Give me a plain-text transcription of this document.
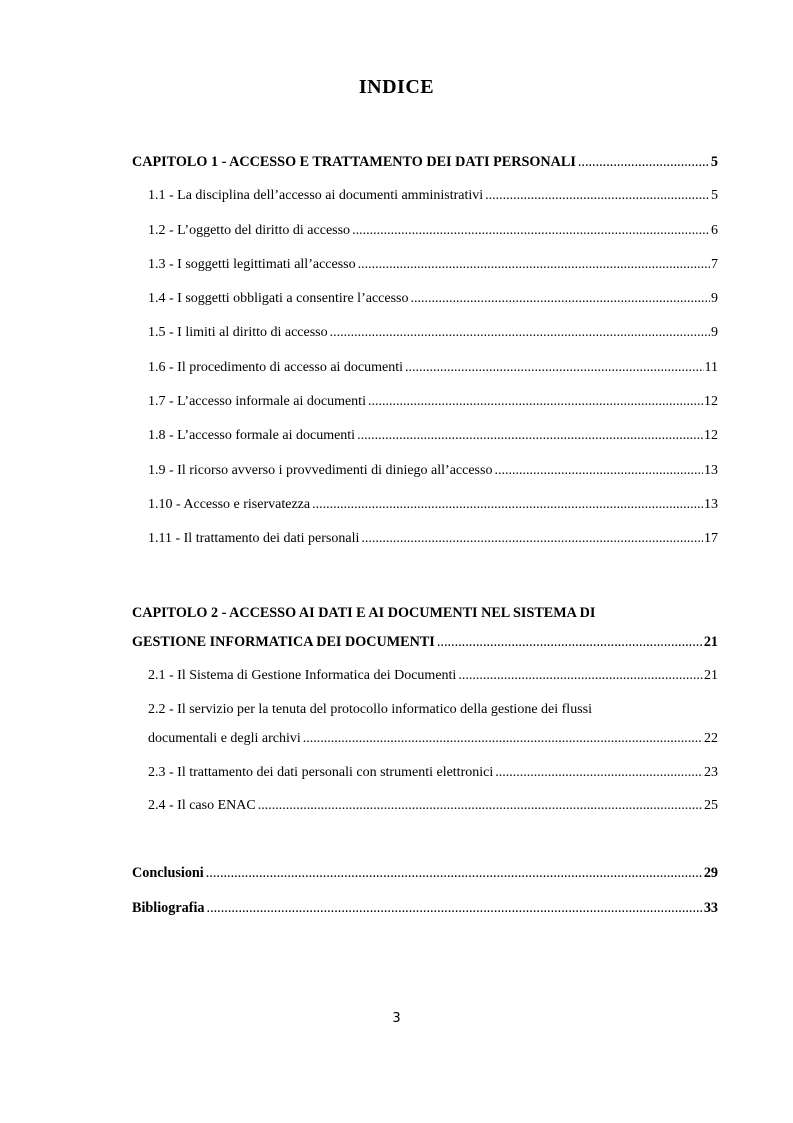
INDICE
CAPITOLO 1 - ACCESSO E TRATTAMENTO DEI DATI PERSONALI .....	5
1.1 - La disciplina dell’accesso ai documenti amministrativi .....	5
1.2 - L’oggetto del diritto di accesso .....	6
1.3 - I soggetti legittimati all’accesso .....	7
1.4 - I soggetti obbligati a consentire l’accesso .....	9
1.5 - I limiti al diritto di accesso .....	9
1.6 - Il procedimento di accesso ai documenti .....	11
1.7 - L’accesso informale ai documenti .....	12
1.8 - L’accesso formale ai documenti .....	12
1.9 - Il ricorso avverso i provvedimenti di diniego all’accesso .....	13
1.10 - Accesso e riservatezza .....	13
1.11 - Il trattamento dei dati personali .....	17
CAPITOLO 2 - ACCESSO AI DATI E AI DOCUMENTI NEL SISTEMA DI
GESTIONE INFORMATICA DEI DOCUMENTI .....	21
2.1 - Il Sistema di Gestione Informatica dei Documenti .....	21
2.2 - Il servizio per la tenuta del protocollo informatico della gestione dei flussi
documentali e degli archivi .....	22
2.3 - Il trattamento dei dati personali con strumenti elettronici .....	23
2.4 - Il caso ENAC .....	25
Conclusioni .....	29
Bibliografia .....	33
3
